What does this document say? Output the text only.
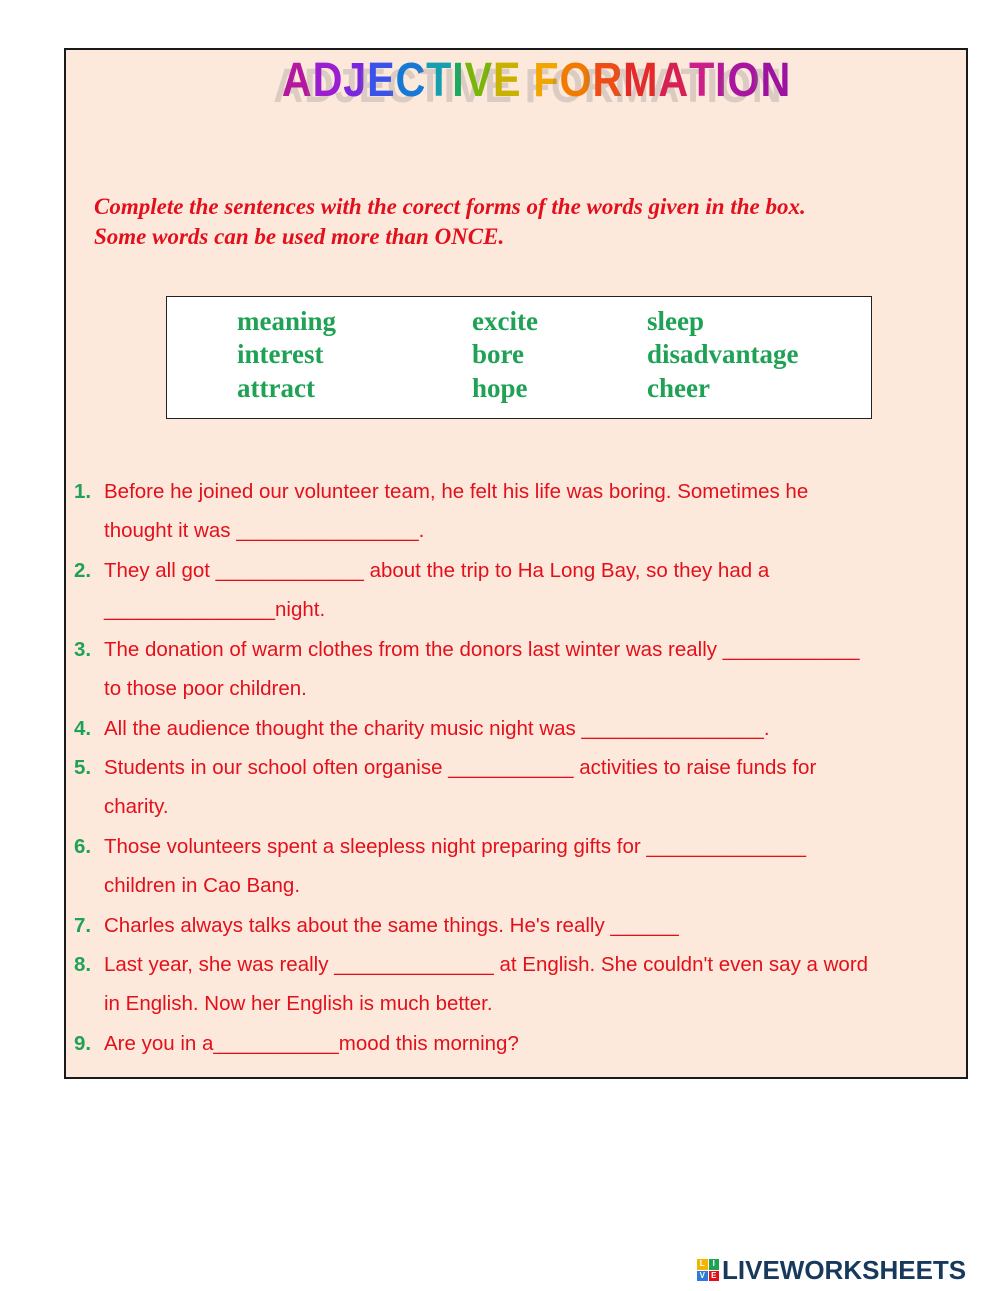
ADJECTIVE FORMATION
Complete the sentences with the corect forms of the words given in the box.
Some words can be used more than ONCE.
meaning
interest
attract
excite
bore
hope
sleep
disadvantage
cheer
1. Before he joined our volunteer team, he felt his life was boring. Sometimes he
thought it was ________________.
2. They all got _____________ about the trip to Ha Long Bay, so they had a
_______________night.
3. The donation of warm clothes from the donors last winter was really ____________
to those poor children.
4. All the audience thought the charity music night was ________________.
5. Students in our school often organise ___________ activities to raise funds for
charity.
6. Those volunteers spent a sleepless night preparing gifts for ______________
children in Cao Bang.
7. Charles always talks about the same things. He's really ______
8. Last year, she was really ______________ at English. She couldn't even say a word
in English. Now her English is much better.
9. Are you in a___________mood this morning?
L I
V E LIVEWORKSHEETS
